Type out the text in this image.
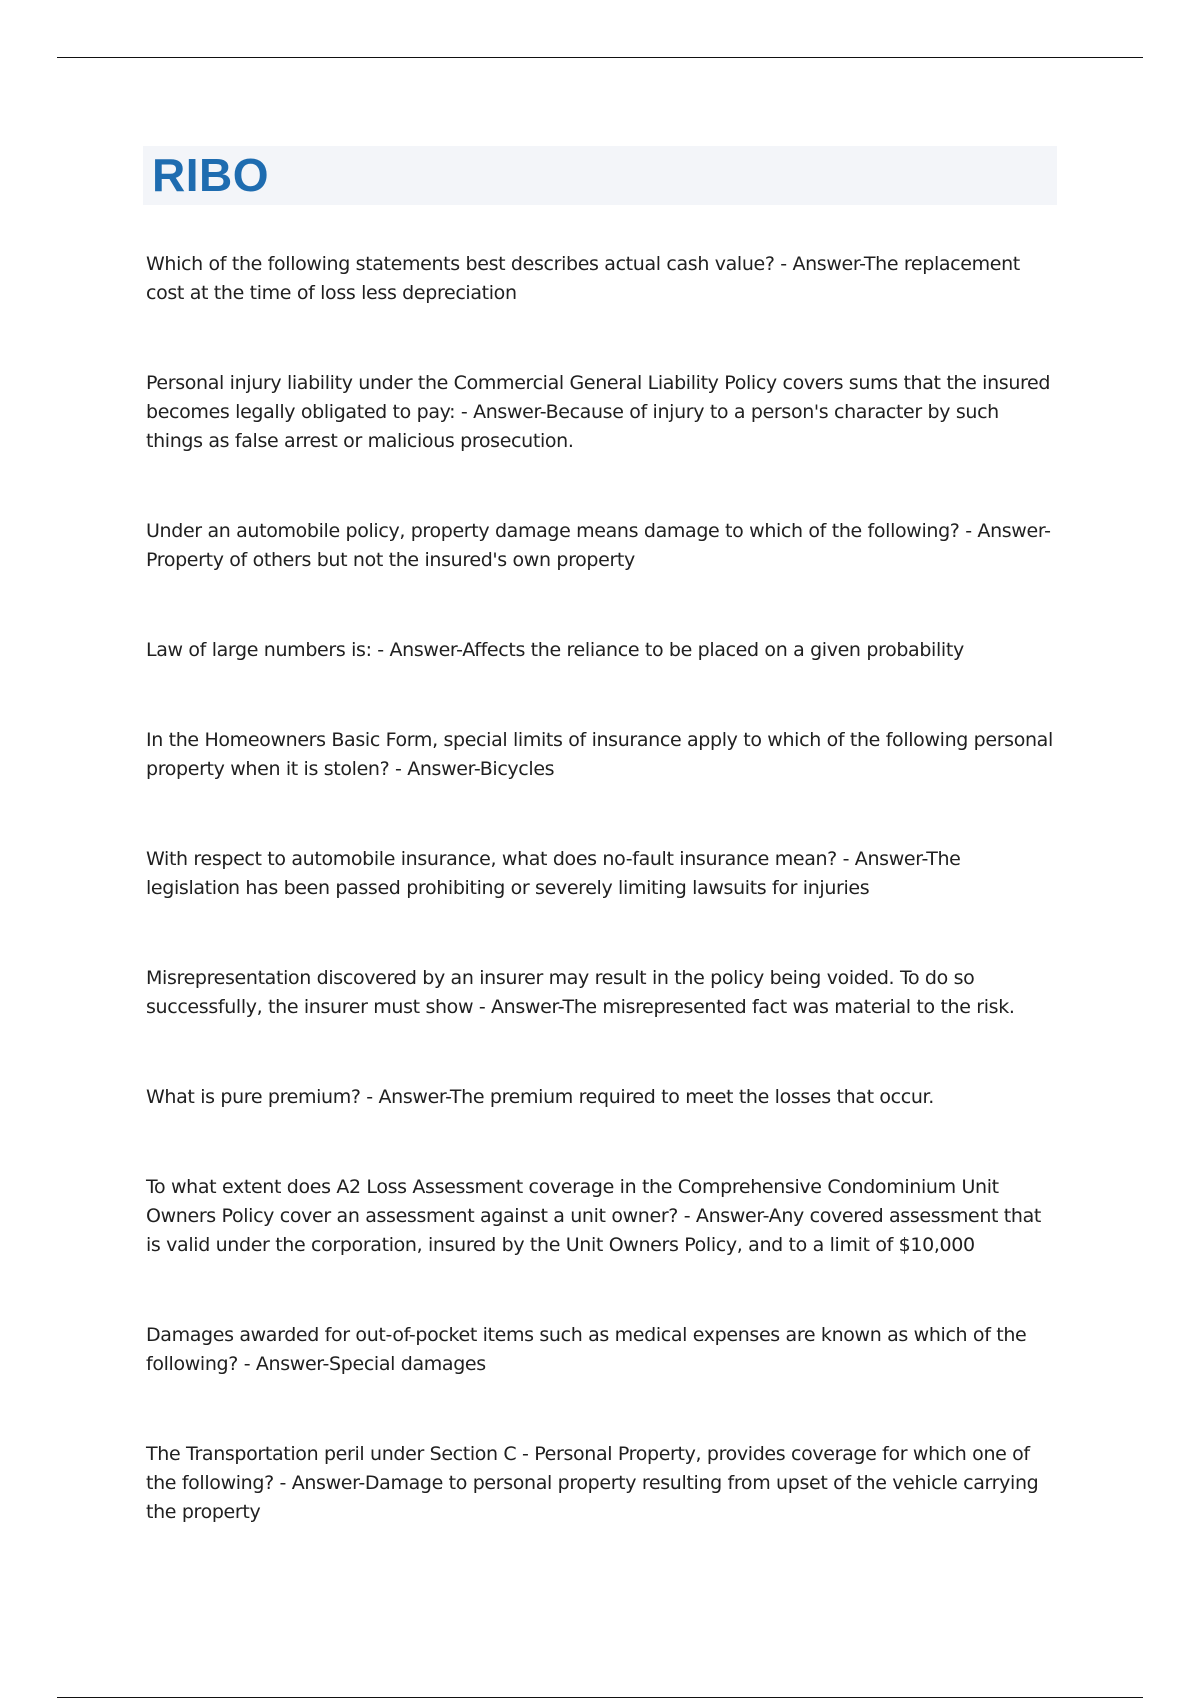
RIBO
Which of the following statements best describes actual cash value? - Answer-The replacement cost at the time of loss less depreciation
Personal injury liability under the Commercial General Liability Policy covers sums that the insured becomes legally obligated to pay: - Answer-Because of injury to a person's character by such things as false arrest or malicious prosecution.
Under an automobile policy, property damage means damage to which of the following? - Answer-Property of others but not the insured's own property
Law of large numbers is: - Answer-Affects the reliance to be placed on a given probability
In the Homeowners Basic Form, special limits of insurance apply to which of the following personal property when it is stolen? - Answer-Bicycles
With respect to automobile insurance, what does no-fault insurance mean? - Answer-The legislation has been passed prohibiting or severely limiting lawsuits for injuries
Misrepresentation discovered by an insurer may result in the policy being voided. To do so successfully, the insurer must show - Answer-The misrepresented fact was material to the risk.
What is pure premium? - Answer-The premium required to meet the losses that occur.
To what extent does A2 Loss Assessment coverage in the Comprehensive Condominium Unit Owners Policy cover an assessment against a unit owner? - Answer-Any covered assessment that is valid under the corporation, insured by the Unit Owners Policy, and to a limit of $10,000
Damages awarded for out-of-pocket items such as medical expenses are known as which of the following? - Answer-Special damages
The Transportation peril under Section C - Personal Property, provides coverage for which one of the following? - Answer-Damage to personal property resulting from upset of the vehicle carrying the property
